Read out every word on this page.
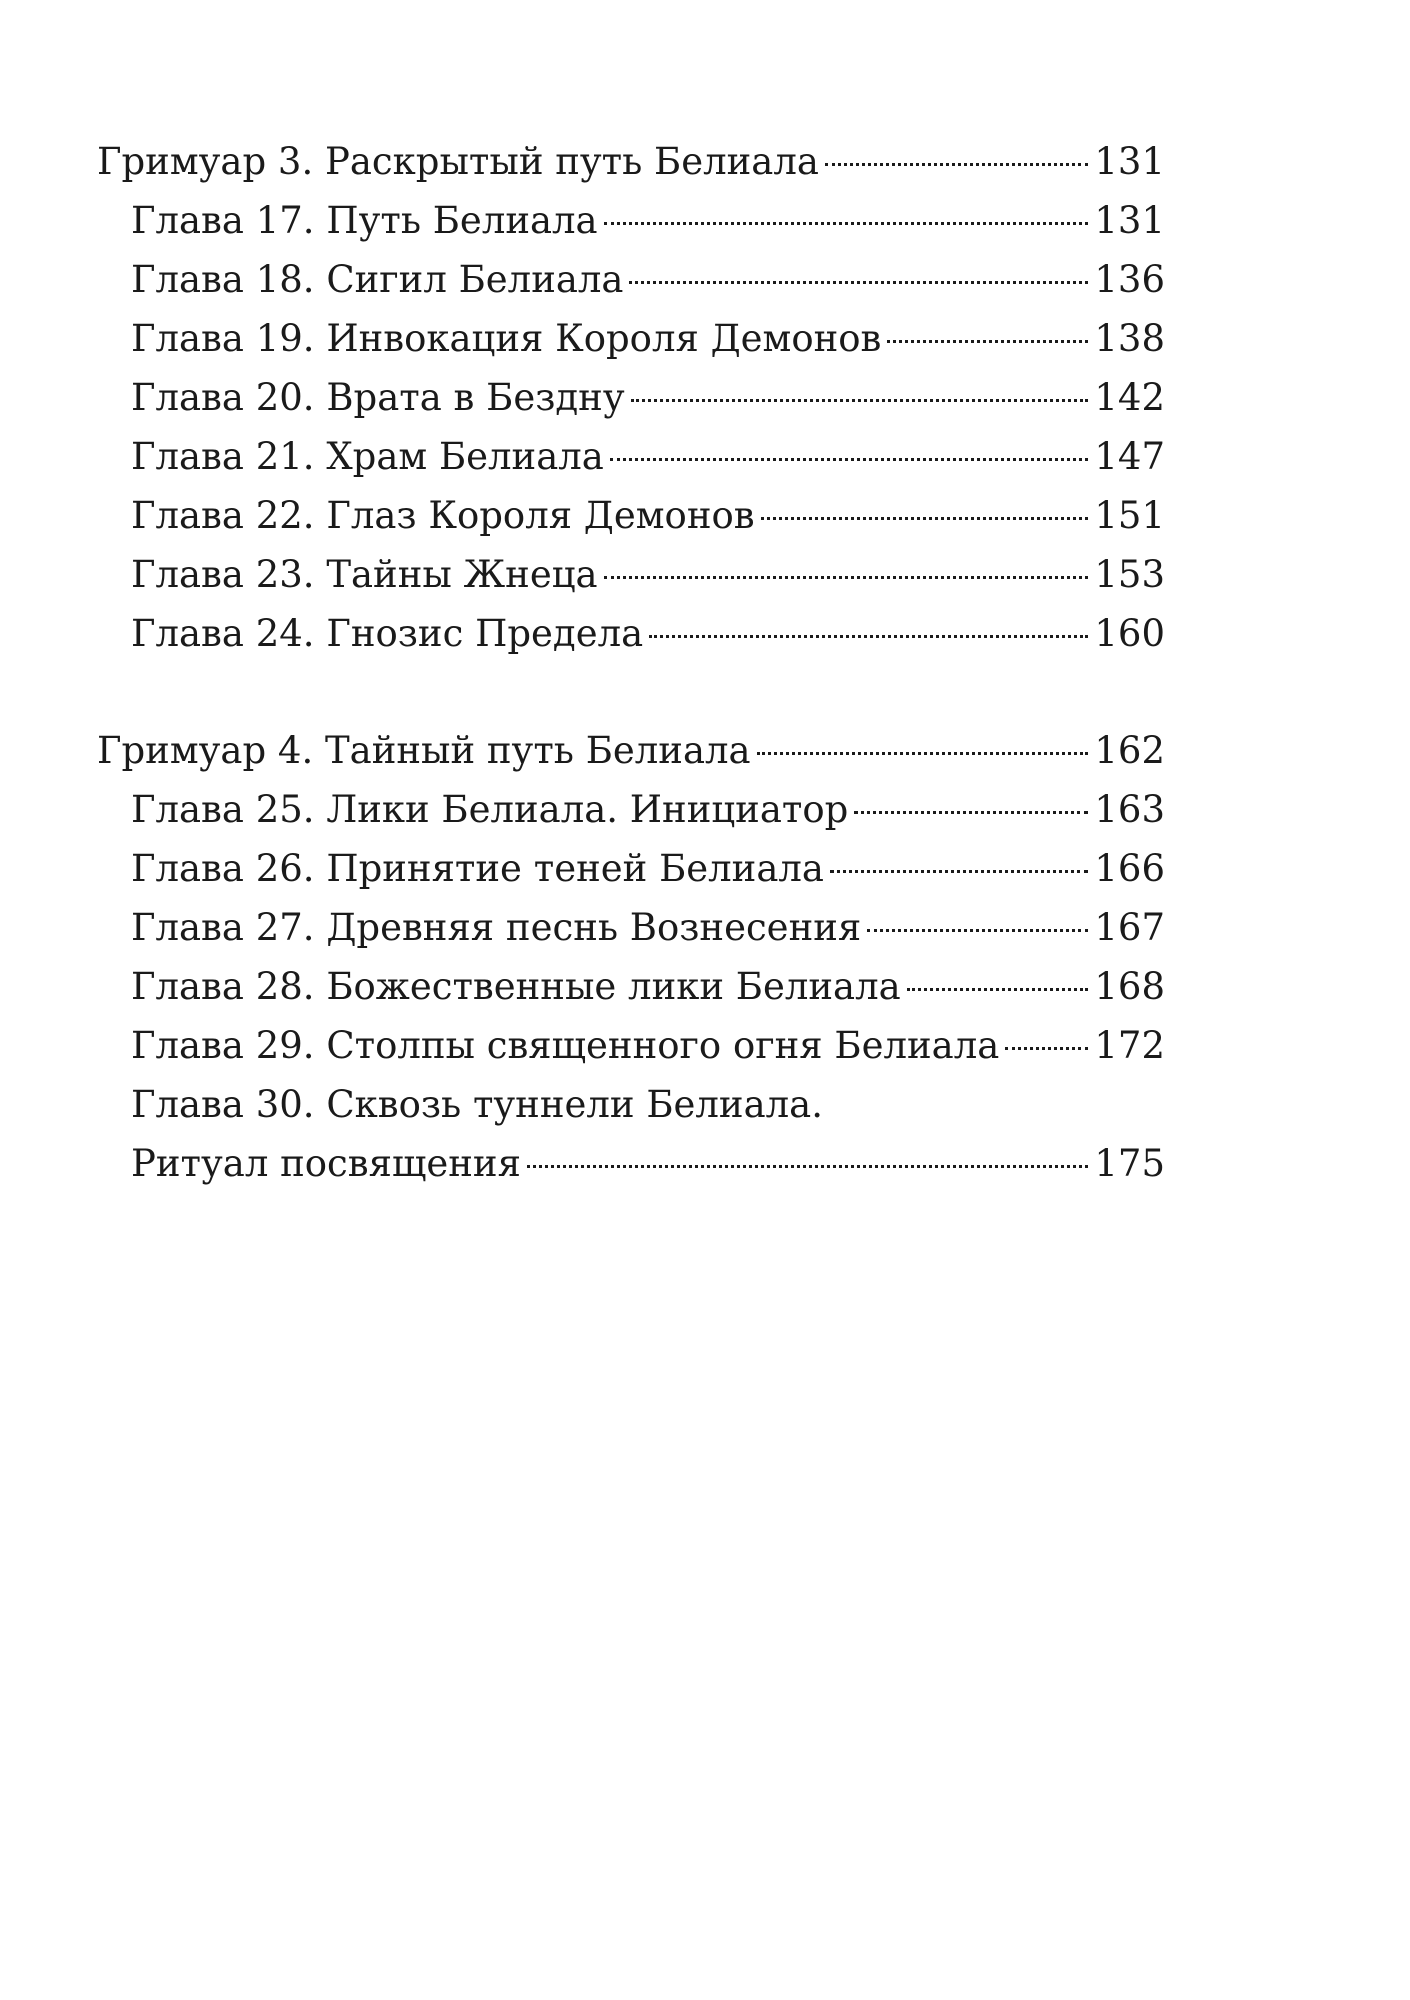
Гримуар 3. Раскрытый путь Белиала	131
Глава 17. Путь Белиала	131
Глава 18. Сигил Белиала	136
Глава 19. Инвокация Короля Демонов	138
Глава 20. Врата в Бездну	142
Глава 21. Храм Белиала	147
Глава 22. Глаз Короля Демонов	151
Глава 23. Тайны Жнеца	153
Глава 24. Гнозис Предела	160
Гримуар 4. Тайный путь Белиала	162
Глава 25. Лики Белиала. Инициатор	163
Глава 26. Принятие теней Белиала	166
Глава 27. Древняя песнь Вознесения	167
Глава 28. Божественные лики Белиала	168
Глава 29. Столпы священного огня Белиала	172
Глава 30. Сквозь туннели Белиала.
Ритуал посвящения	175
